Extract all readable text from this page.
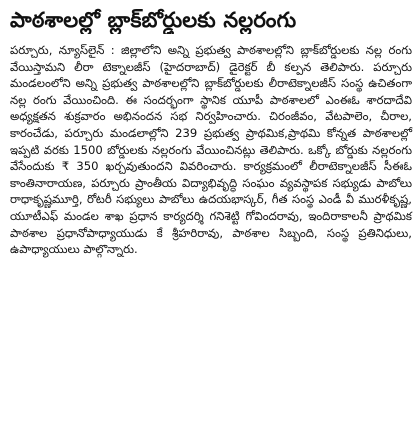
పాఠశాలల్లో బ్లాక్‌బోర్డులకు నల్లరంగు

పర్చూరు, న్యూస్‌లైన్ : జిల్లాలోని అన్ని ప్రభుత్వ పాఠశాలల్లోని బ్లాక్‌బోర్డులకు నల్ల రంగు వేయిస్తామని లీరా టెక్నాలజీస్ (హైదరాబాద్) డైరెక్టర్ బీ కల్పన తెలిపారు. పర్చూరు మండలంలోని అన్ని ప్రభుత్వ పాఠశాలల్లోని బ్లాక్‌బోర్డులకు లీరాటెక్నాలజీస్ సంస్థ ఉచితంగా నల్ల రంగు వేయించింది. ఈ సందర్భంగా స్థానిక యూపీ పాఠశాలలో ఎంఈఓ శారదాదేవి అధ్యక్షతన శుక్రవారం అభినందన సభ నిర్వహించారు. చిరంజీవం, వేటపాలెం, చీరాల, కారంచేడు, పర్చూరు మండలాల్లోని 239 ప్రభుత్వ ప్రాథమిక,ప్రాథమి కోన్నత పాఠశాలల్లో ఇప్పటి వరకు 1500 బోర్డులకు నల్లరంగు వేయించినట్లు తెలిపారు. ఒక్కో బోర్డుకు నల్లరంగు వేసేందుకు ₹ 350 ఖర్చవుతుందని వివరించారు. కార్యక్రమంలో లీరాటెక్నాలజీస్ సీఈఓ కాంతినారాయణ, పర్చూరు ప్రాంతీయ విద్యాభివృద్ధి సంఘం వ్యవస్థాపక సభ్యుడు పాబోలు రాధాకృష్ణమూర్తి, రోటరీ సభ్యులు పాబోలు ఉదయభాస్కర్, గీత సంస్థ ఎండీ వీ మురళీకృష్ణ, యూటీఎఫ్ మండల శాఖ ప్రధాన కార్యదర్శి గనిశెట్టి గోవిందరావు, ఇందిరాకాలనీ ప్రాథమిక పాఠశాల ప్రధానోపాధ్యాయుడు కే శ్రీహరిరావు, పాఠశాల సిబ్బంది, సంస్థ ప్రతినిధులు, ఉపాధ్యాయులు పాల్గొన్నారు.
